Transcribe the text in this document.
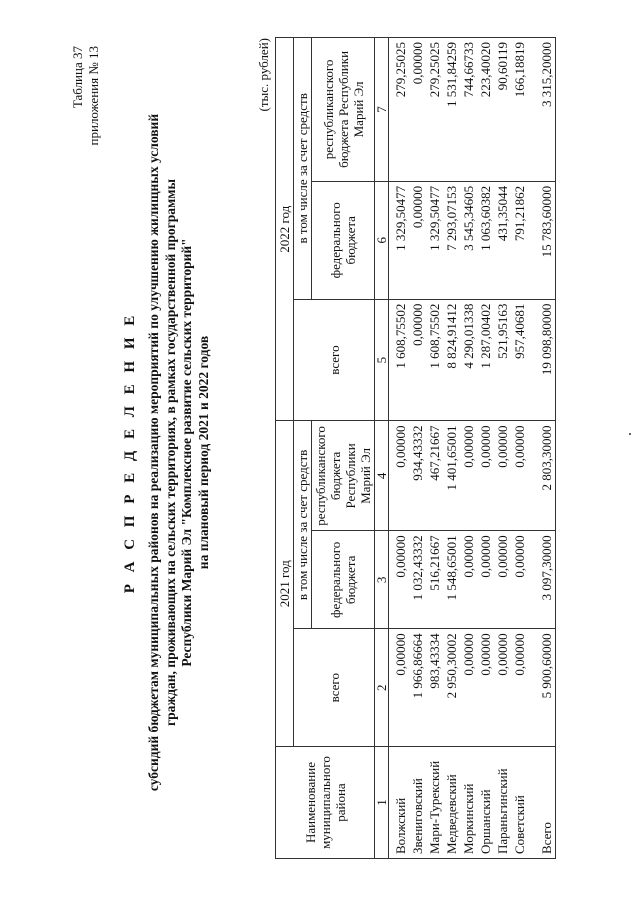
Таблица 37 приложения № 13
Р А С П Р Е Д Е Л Е Н И Е субсидий бюджетам муниципальных районов на реализацию мероприятий по улучшению жилищных условий граждан, проживающих на сельских территориях, в рамках государственной программы Республики Марий Эл "Комплексное развитие сельских территорий" на плановый период 2021 и 2022 годов
(тыс. рублей)
Наименование муниципального района	2021 год			2022 год		
	всего	в том числе за счет средств		всего	в том числе за счет средств	
		федерального бюджета	республиканского бюджета Республики Марий Эл		федерального бюджета	республиканского бюджета Республики Марий Эл
1	2	3	4	5	6	7

Волжский	0,00000	0,00000	0,00000	1 608,75502	1 329,50477	279,25025
Звениговский	1 966,86664	1 032,43332	934,43332	0,00000	0,00000	0,00000
Мари-Турекский	983,43334	516,21667	467,21667	1 608,75502	1 329,50477	279,25025
Медведевский	2 950,30002	1 548,65001	1 401,65001	8 824,91412	7 293,07153	1 531,84259
Моркинский	0,00000	0,00000	0,00000	4 290,01338	3 545,34605	744,66733
Оршанский	0,00000	0,00000	0,00000	1 287,00402	1 063,60382	223,40020
Параньгинский	0,00000	0,00000	0,00000	521,95163	431,35044	90,60119
Советский	0,00000	0,00000	0,00000	957,40681	791,21862	166,18819
Всего	5 900,60000	3 097,30000	2 803,30000	19 098,80000	15 783,60000	3 315,20000
